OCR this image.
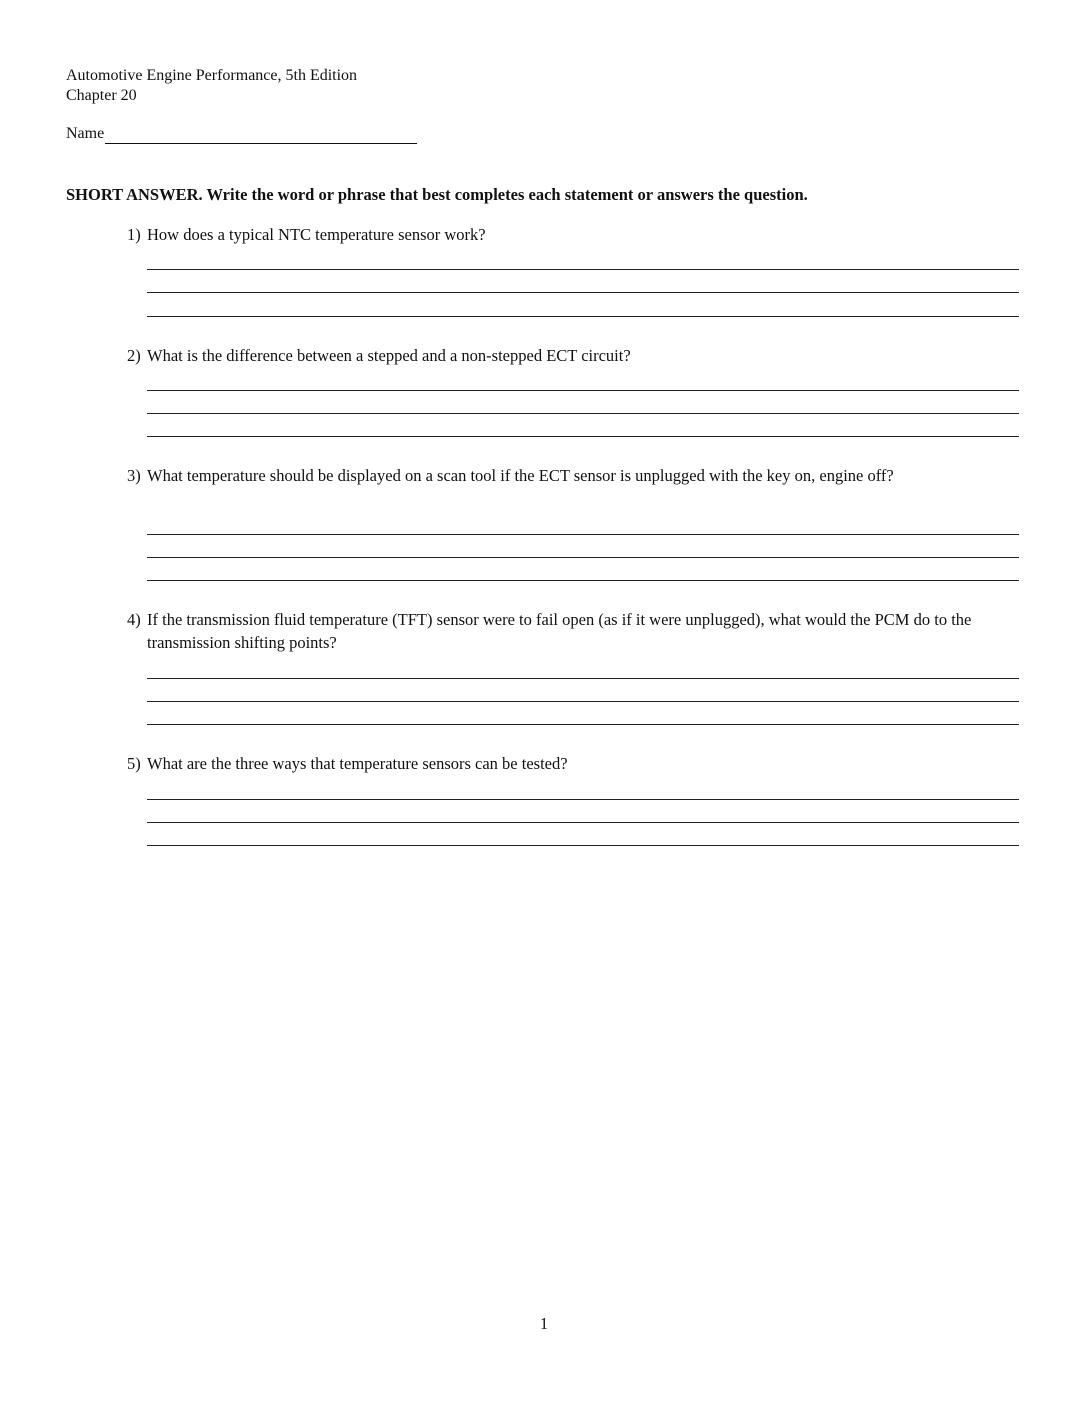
Automotive Engine Performance, 5th Edition
Chapter 20
Name
SHORT ANSWER. Write the word or phrase that best completes each statement or answers the question.
1) How does a typical NTC temperature sensor work?
2) What is the difference between a stepped and a non-stepped ECT circuit?
3) What temperature should be displayed on a scan tool if the ECT sensor is unplugged with the key on, engine off?
4) If the transmission fluid temperature (TFT) sensor were to fail open (as if it were unplugged), what would the PCM do to the transmission shifting points?
5) What are the three ways that temperature sensors can be tested?
1
